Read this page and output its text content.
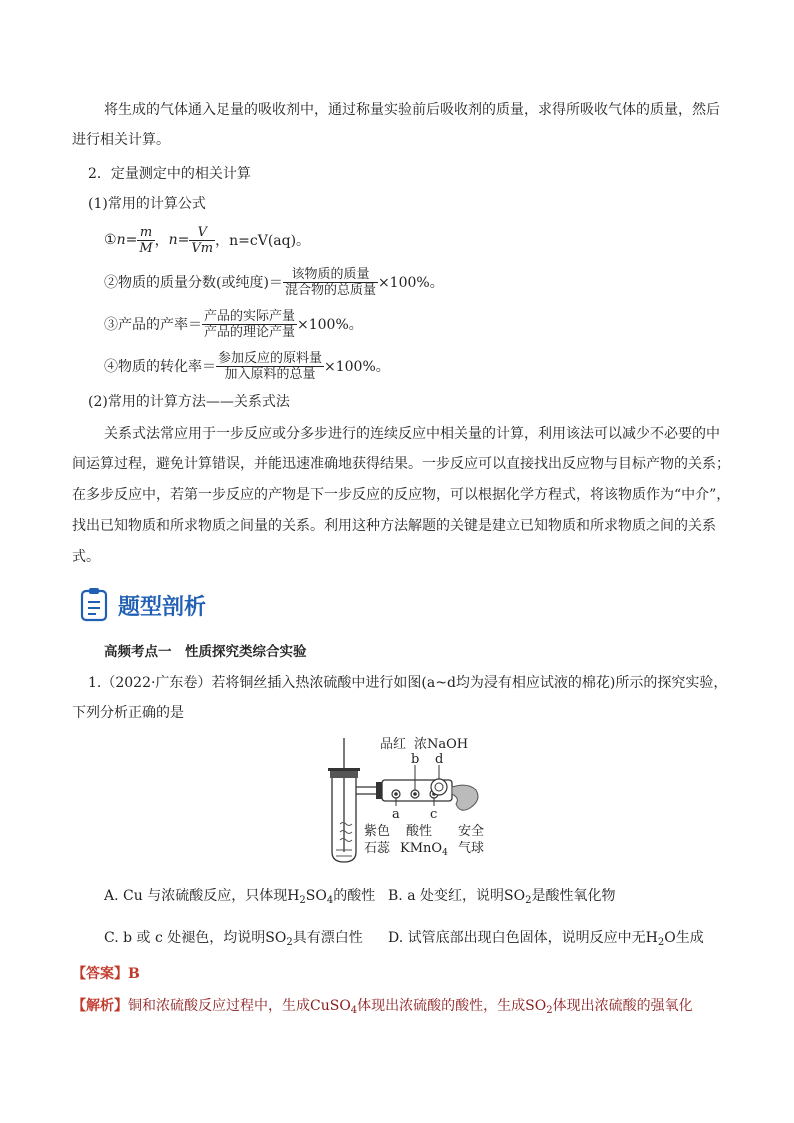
将生成的气体通入足量的吸收剂中，通过称量实验前后吸收剂的质量，求得所吸收气体的质量，然后
进行相关计算。
2．定量测定中的相关计算
(1)常用的计算公式
① $n = \frac{m}{M}$ ， $n = \frac{V}{Vm}$ ，n=cV(aq)。
②物质的质量分数(或纯度)＝ $\frac{\text{该物质的质量}}{\text{混合物的总质量}} \times 100\%$。
③产品的产率＝ $\frac{\text{产品的实际产量}}{\text{产品的理论产量}} \times 100\%$。
④物质的转化率＝ $\frac{\text{参加反应的原料量}}{\text{加入原料的总量}} \times 100\%$。
(2)常用的计算方法——关系式法
关系式法常应用于一步反应或分多步进行的连续反应中相关量的计算，利用该法可以减少不必要的中
间运算过程，避免计算错误，并能迅速准确地获得结果。一步反应可以直接找出反应物与目标产物的关系；
在多步反应中，若第一步反应的产物是下一步反应的反应物，可以根据化学方程式，将该物质作为“中介”，
找出已知物质和所求物质之间量的关系。利用这种方法解题的关键是建立已知物质和所求物质之间的关系
式。
题型剖析
高频考点一　性质探究类综合实验
1.（2022·广东卷）若将铜丝插入热浓硫酸中进行如图(a~d均为浸有相应试液的棉花)所示的探究实验，
下列分析正确的是
品红 浓NaOH
b d
a c
紫色
石蕊
酸性
KMnO$_4$
安全
气球
A. Cu 与浓硫酸反应，只体现$H_2SO_4$的酸性 B. a 处变红，说明$SO_2$是酸性氧化物
C. b 或 c 处褪色，均说明$SO_2$具有漂白性 D. 试管底部出现白色固体，说明反应中无$H_2O$生成
【答案】B
【解析】铜和浓硫酸反应过程中，生成CuSO$_4$体现出浓硫酸的酸性，生成$SO_2$体现出浓硫酸的强氧化
